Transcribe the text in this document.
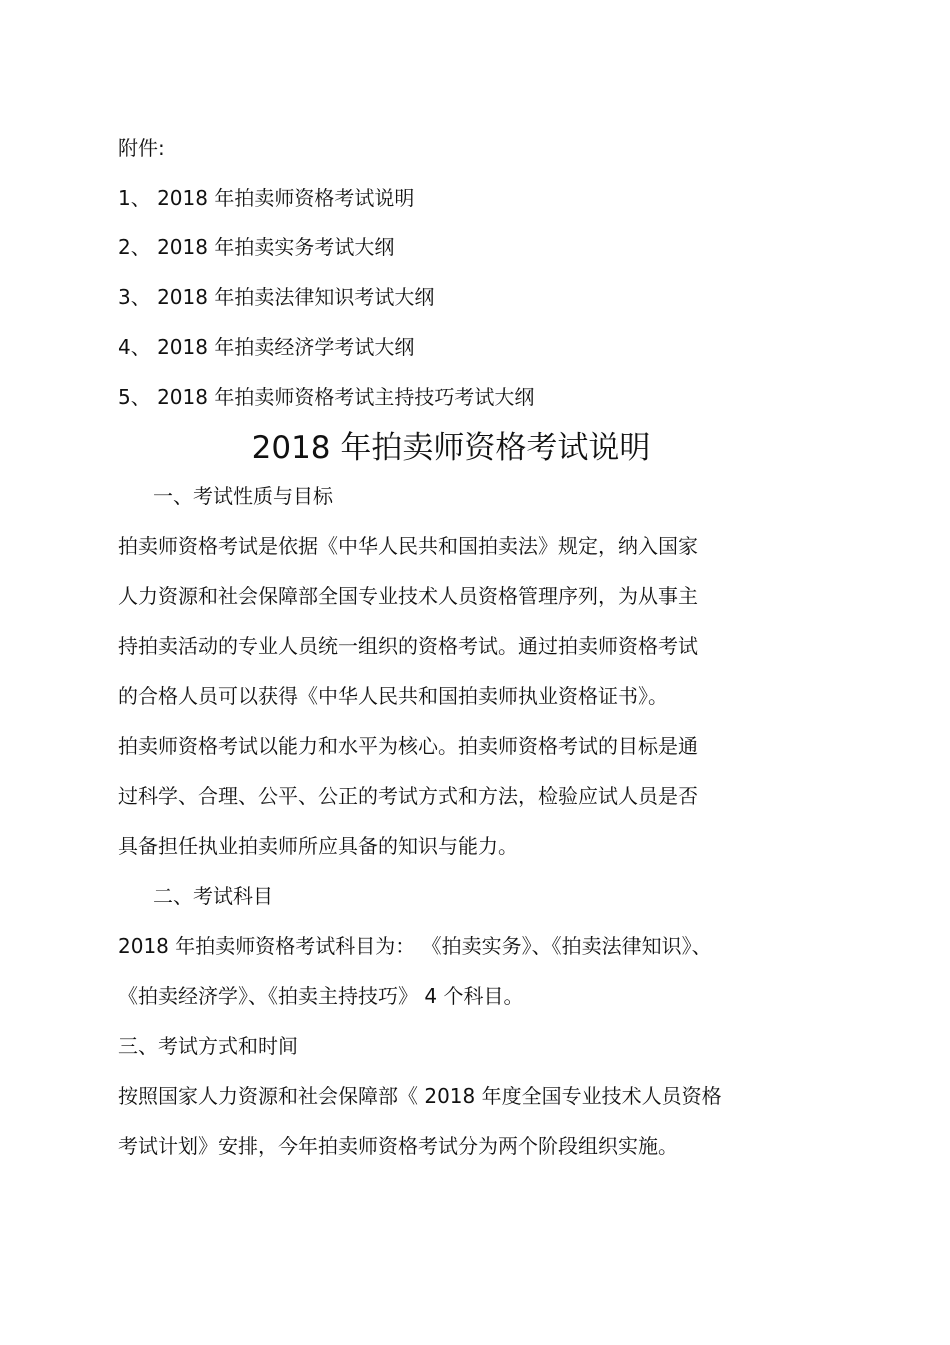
附件:
1、 2018 年拍卖师资格考试说明
2、 2018 年拍卖实务考试大纲
3、 2018 年拍卖法律知识考试大纲
4、 2018 年拍卖经济学考试大纲
5、 2018 年拍卖师资格考试主持技巧考试大纲
2018 年拍卖师资格考试说明
一、考试性质与目标
拍卖师资格考试是依据《中华人民共和国拍卖法》规定，纳入国家
人力资源和社会保障部全国专业技术人员资格管理序列，为从事主
持拍卖活动的专业人员统一组织的资格考试。通过拍卖师资格考试
的合格人员可以获得《中华人民共和国拍卖师执业资格证书》。
拍卖师资格考试以能力和水平为核心。拍卖师资格考试的目标是通
过科学、合理、公平、公正的考试方式和方法，检验应试人员是否
具备担任执业拍卖师所应具备的知识与能力。
二、考试科目
2018 年拍卖师资格考试科目为： 《拍卖实务》、《拍卖法律知识》、
《拍卖经济学》、《拍卖主持技巧》 4 个科目。
三、考试方式和时间
按照国家人力资源和社会保障部《 2018 年度全国专业技术人员资格
考试计划》安排，今年拍卖师资格考试分为两个阶段组织实施。
